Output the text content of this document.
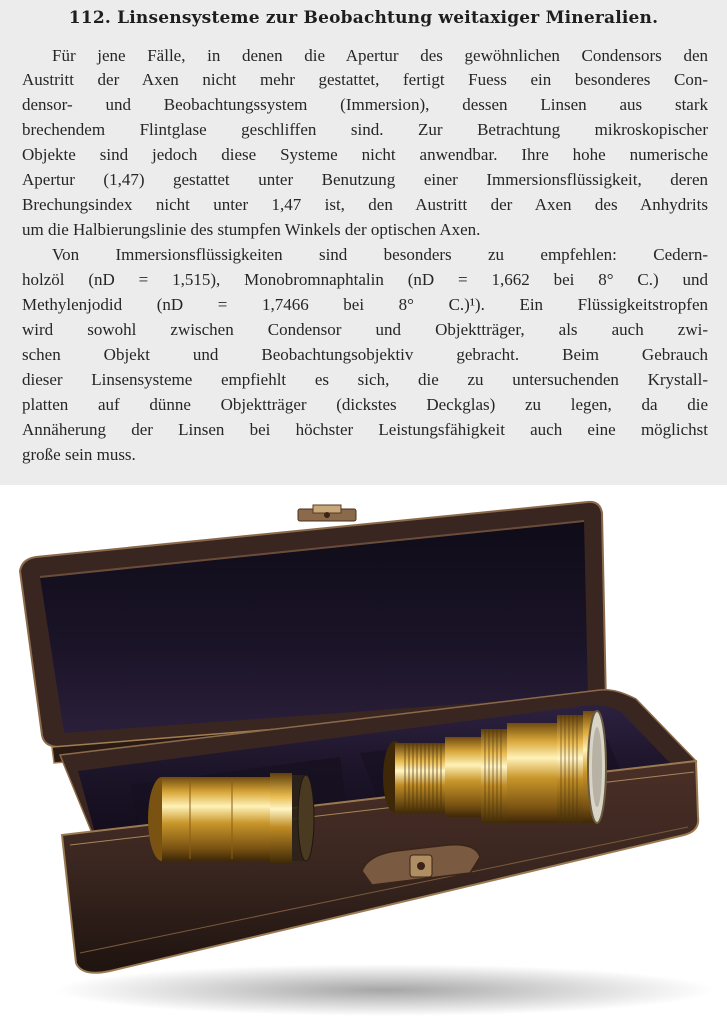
112. Linsensysteme zur Beobachtung weitaxiger Mineralien.
Für jene Fälle, in denen die Apertur des gewöhnlichen Condensors den
Austritt der Axen nicht mehr gestattet, fertigt Fuess ein besonderes Con-
densor- und Beobachtungssystem (Immersion), dessen Linsen aus stark
brechendem Flintglase geschliffen sind. Zur Betrachtung mikroskopischer
Objekte sind jedoch diese Systeme nicht anwendbar. Ihre hohe numerische
Apertur (1,47) gestattet unter Benutzung einer Immersionsflüssigkeit, deren
Brechungsindex nicht unter 1,47 ist, den Austritt der Axen des Anhydrits
um die Halbierungslinie des stumpfen Winkels der optischen Axen.
Von Immersionsflüssigkeiten sind besonders zu empfehlen: Cedern-
holzöl (nD = 1,515), Monobromnaphtalin (nD = 1,662 bei 8° C.) und
Methylenjodid (nD = 1,7466 bei 8° C.)¹). Ein Flüssigkeitstropfen
wird sowohl zwischen Condensor und Objektträger, als auch zwi-
schen Objekt und Beobachtungsobjektiv gebracht. Beim Gebrauch
dieser Linsensysteme empfiehlt es sich, die zu untersuchenden Krystall-
platten auf dünne Objektträger (dickstes Deckglas) zu legen, da die
Annäherung der Linsen bei höchster Leistungsfähigkeit auch eine möglichst
große sein muss.
